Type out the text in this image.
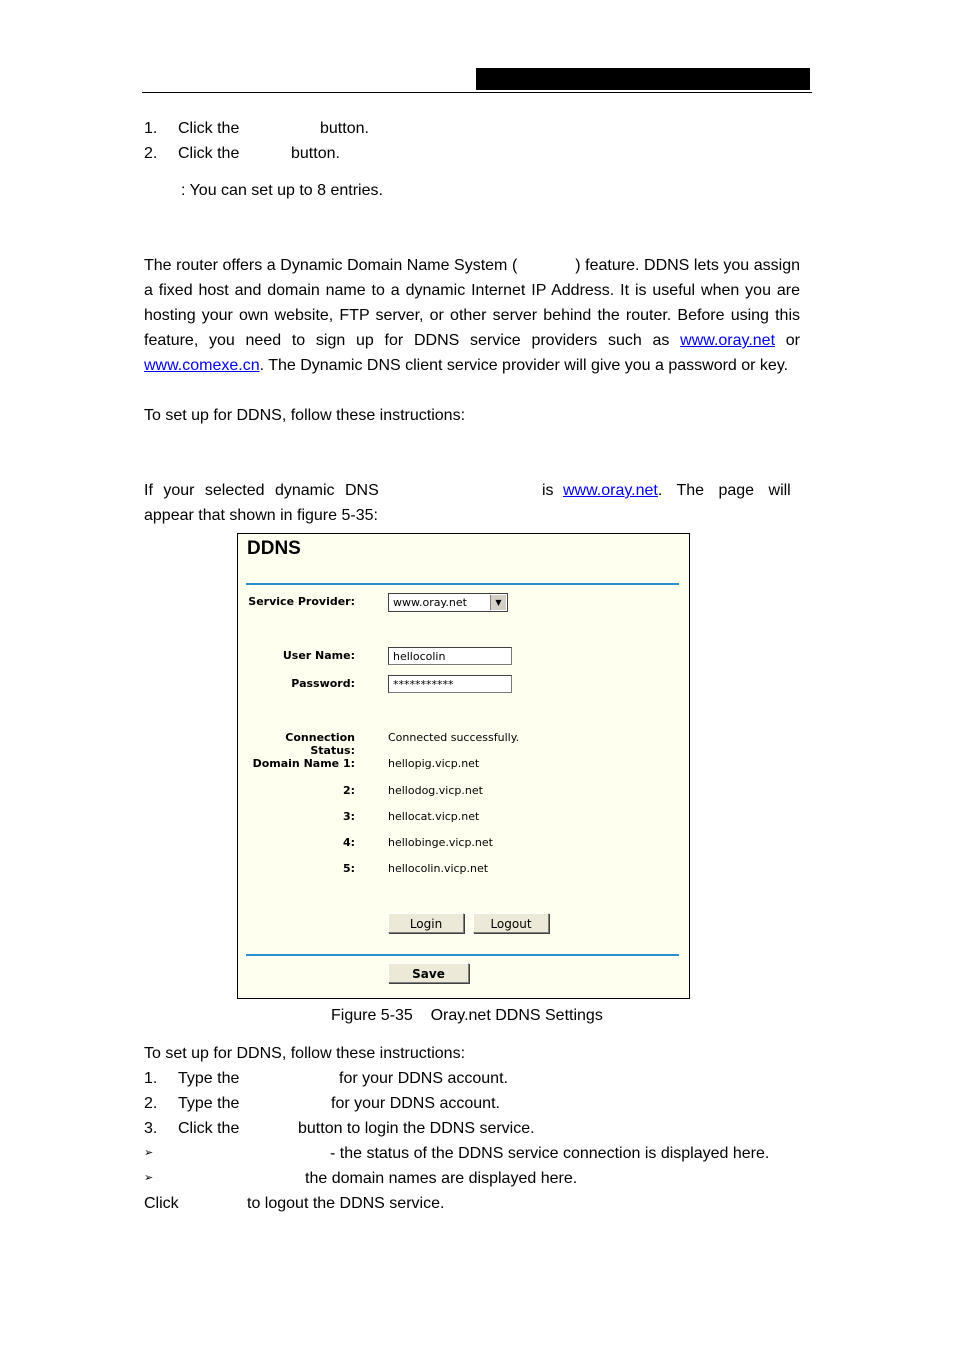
1. Click the	button.
2. Click the	button.
: You can set up to 8 entries.
The router offers a Dynamic Domain Name System (	) feature. DDNS lets you assign a fixed host and domain name to a dynamic Internet IP Address. It is useful when you are hosting your own website, FTP server, or other server behind the router. Before using this feature, you need to sign up for DDNS service providers such as www.oray.net or www.comexe.cn. The Dynamic DNS client service provider will give you a password or key.
To set up for DDNS, follow these instructions:
If your selected dynamic DNS	is www.oray.net. The page will
appear that shown in figure 5-35:
DDNS
Service Provider:	www.oray.net	▼
User Name:	hellocolin
Password:	***********
Connection Status:
Connected successfully.
Domain Name 1:	hellopig.vicp.net
2:	hellodog.vicp.net
3:	hellocat.vicp.net
4:	hellobinge.vicp.net
5:	hellocolin.vicp.net
Login	Logout
Save
Figure 5-35    Oray.net DDNS Settings
To set up for DDNS, follow these instructions:
1. Type the	for your DDNS account.
2. Type the	for your DDNS account.
3. Click the	button to login the DDNS service.
➢	- the status of the DDNS service connection is displayed here.
➢	the domain names are displayed here.
Click	to logout the DDNS service.
